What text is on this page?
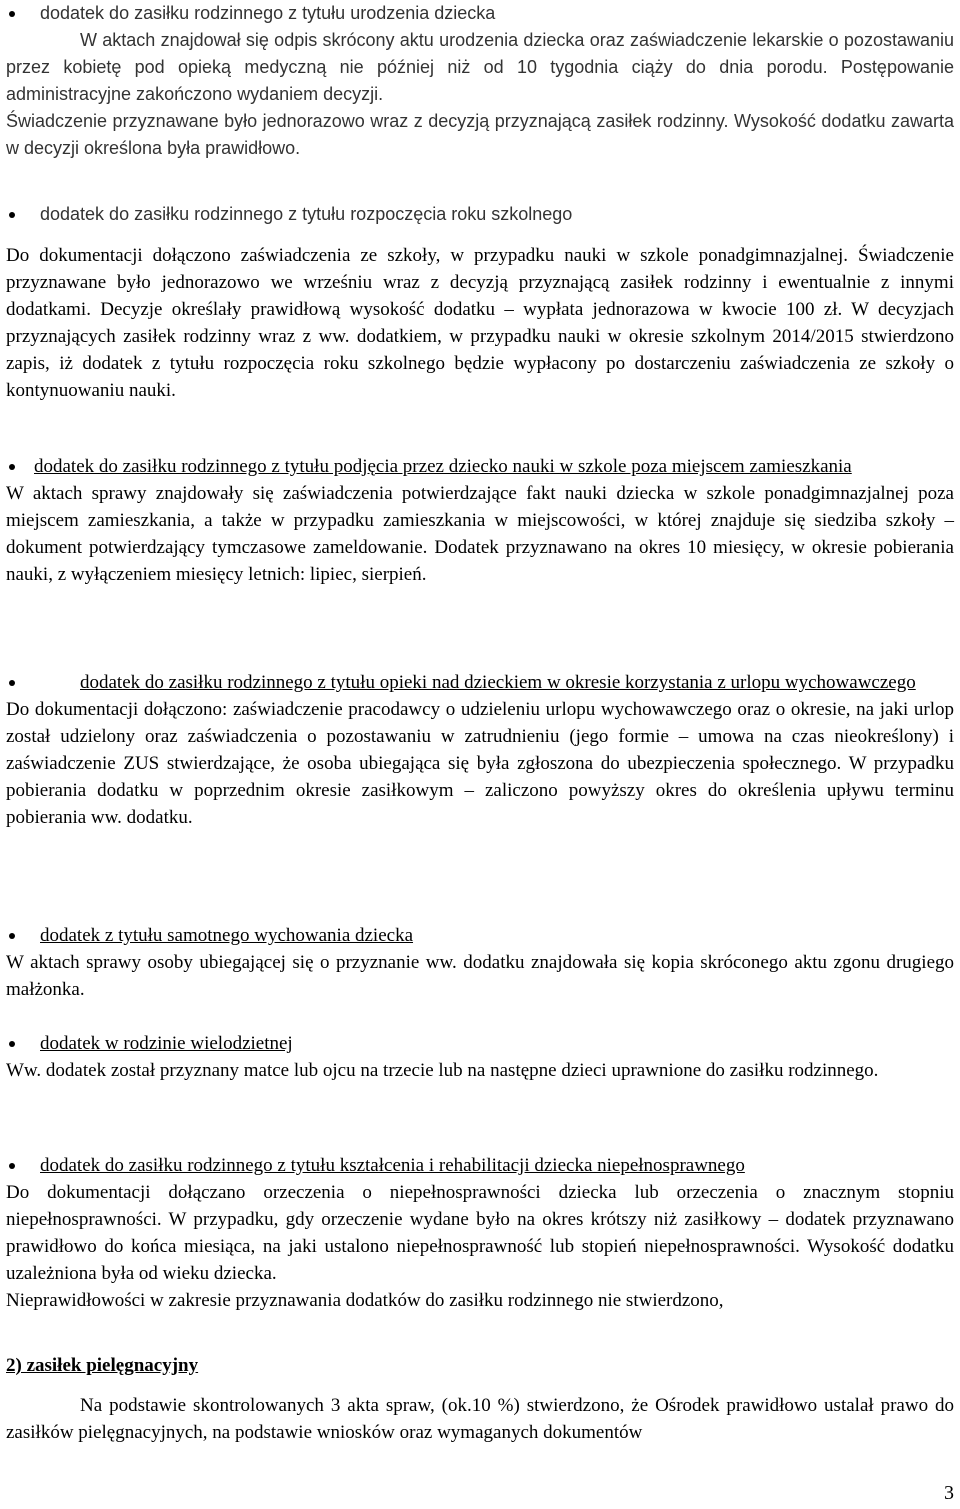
dodatek do zasiłku rodzinnego z tytułu urodzenia dziecka

W aktach znajdował się odpis skrócony aktu urodzenia dziecka oraz zaświadczenie lekarskie o pozostawaniu przez kobietę pod opieką medyczną nie później niż od 10 tygodnia ciąży do dnia porodu. Postępowanie administracyjne zakończono wydaniem decyzji.

Świadczenie przyznawane było jednorazowo wraz z decyzją przyznającą zasiłek rodzinny. Wysokość dodatku zawarta w decyzji określona była prawidłowo.

dodatek do zasiłku rodzinnego z tytułu rozpoczęcia roku szkolnego

Do dokumentacji dołączono zaświadczenia ze szkoły, w przypadku nauki w szkole ponadgimnazjalnej. Świadczenie przyznawane było jednorazowo we wrześniu wraz z decyzją przyznającą zasiłek rodzinny i ewentualnie z innymi dodatkami. Decyzje określały prawidłową wysokość dodatku – wypłata jednorazowa w kwocie 100 zł. W decyzjach przyznających zasiłek rodzinny wraz z ww. dodatkiem, w przypadku nauki w okresie szkolnym 2014/2015 stwierdzono zapis, iż dodatek z tytułu rozpoczęcia roku szkolnego będzie wypłacony po dostarczeniu zaświadczenia ze szkoły o kontynuowaniu nauki.

dodatek do zasiłku rodzinnego z tytułu podjęcia przez dziecko nauki w szkole poza miejscem zamieszkania

W aktach sprawy znajdowały się zaświadczenia potwierdzające fakt nauki dziecka w szkole ponadgimnazjalnej poza miejscem zamieszkania, a także w przypadku zamieszkania w miejscowości, w której znajduje się siedziba szkoły – dokument potwierdzający tymczasowe zameldowanie. Dodatek przyznawano na okres 10 miesięcy, w okresie pobierania nauki, z wyłączeniem miesięcy letnich: lipiec, sierpień.

dodatek do zasiłku rodzinnego z tytułu opieki nad dzieckiem w okresie korzystania z urlopu wychowawczego

Do dokumentacji dołączono: zaświadczenie pracodawcy o udzieleniu urlopu wychowawczego oraz o okresie, na jaki urlop został udzielony oraz zaświadczenia o pozostawaniu w zatrudnieniu (jego formie – umowa na czas nieokreślony) i zaświadczenie ZUS stwierdzające, że osoba ubiegająca się była zgłoszona do ubezpieczenia społecznego. W przypadku pobierania dodatku w poprzednim okresie zasiłkowym – zaliczono powyższy okres do określenia upływu terminu pobierania ww. dodatku.

dodatek z tytułu samotnego wychowania dziecka

W aktach sprawy osoby ubiegającej się o przyznanie ww. dodatku znajdowała się kopia skróconego aktu zgonu drugiego małżonka.

dodatek w rodzinie wielodzietnej

Ww. dodatek został przyznany matce lub ojcu na trzecie lub na następne dzieci uprawnione do zasiłku rodzinnego.

dodatek do zasiłku rodzinnego z tytułu kształcenia i rehabilitacji dziecka niepełnosprawnego

Do dokumentacji dołączano orzeczenia o niepełnosprawności dziecka lub orzeczenia o znacznym stopniu niepełnosprawności. W przypadku, gdy orzeczenie wydane było na okres krótszy niż zasiłkowy – dodatek przyznawano prawidłowo do końca miesiąca, na jaki ustalono niepełnosprawność lub stopień niepełnosprawności. Wysokość dodatku uzależniona była od wieku dziecka.

Nieprawidłowości w zakresie przyznawania dodatków do zasiłku rodzinnego nie stwierdzono,

2) zasiłek pielęgnacyjny

Na podstawie skontrolowanych 3 akta spraw, (ok.10 %) stwierdzono, że Ośrodek prawidłowo ustalał prawo do zasiłków pielęgnacyjnych, na podstawie wniosków oraz wymaganych dokumentów

3
